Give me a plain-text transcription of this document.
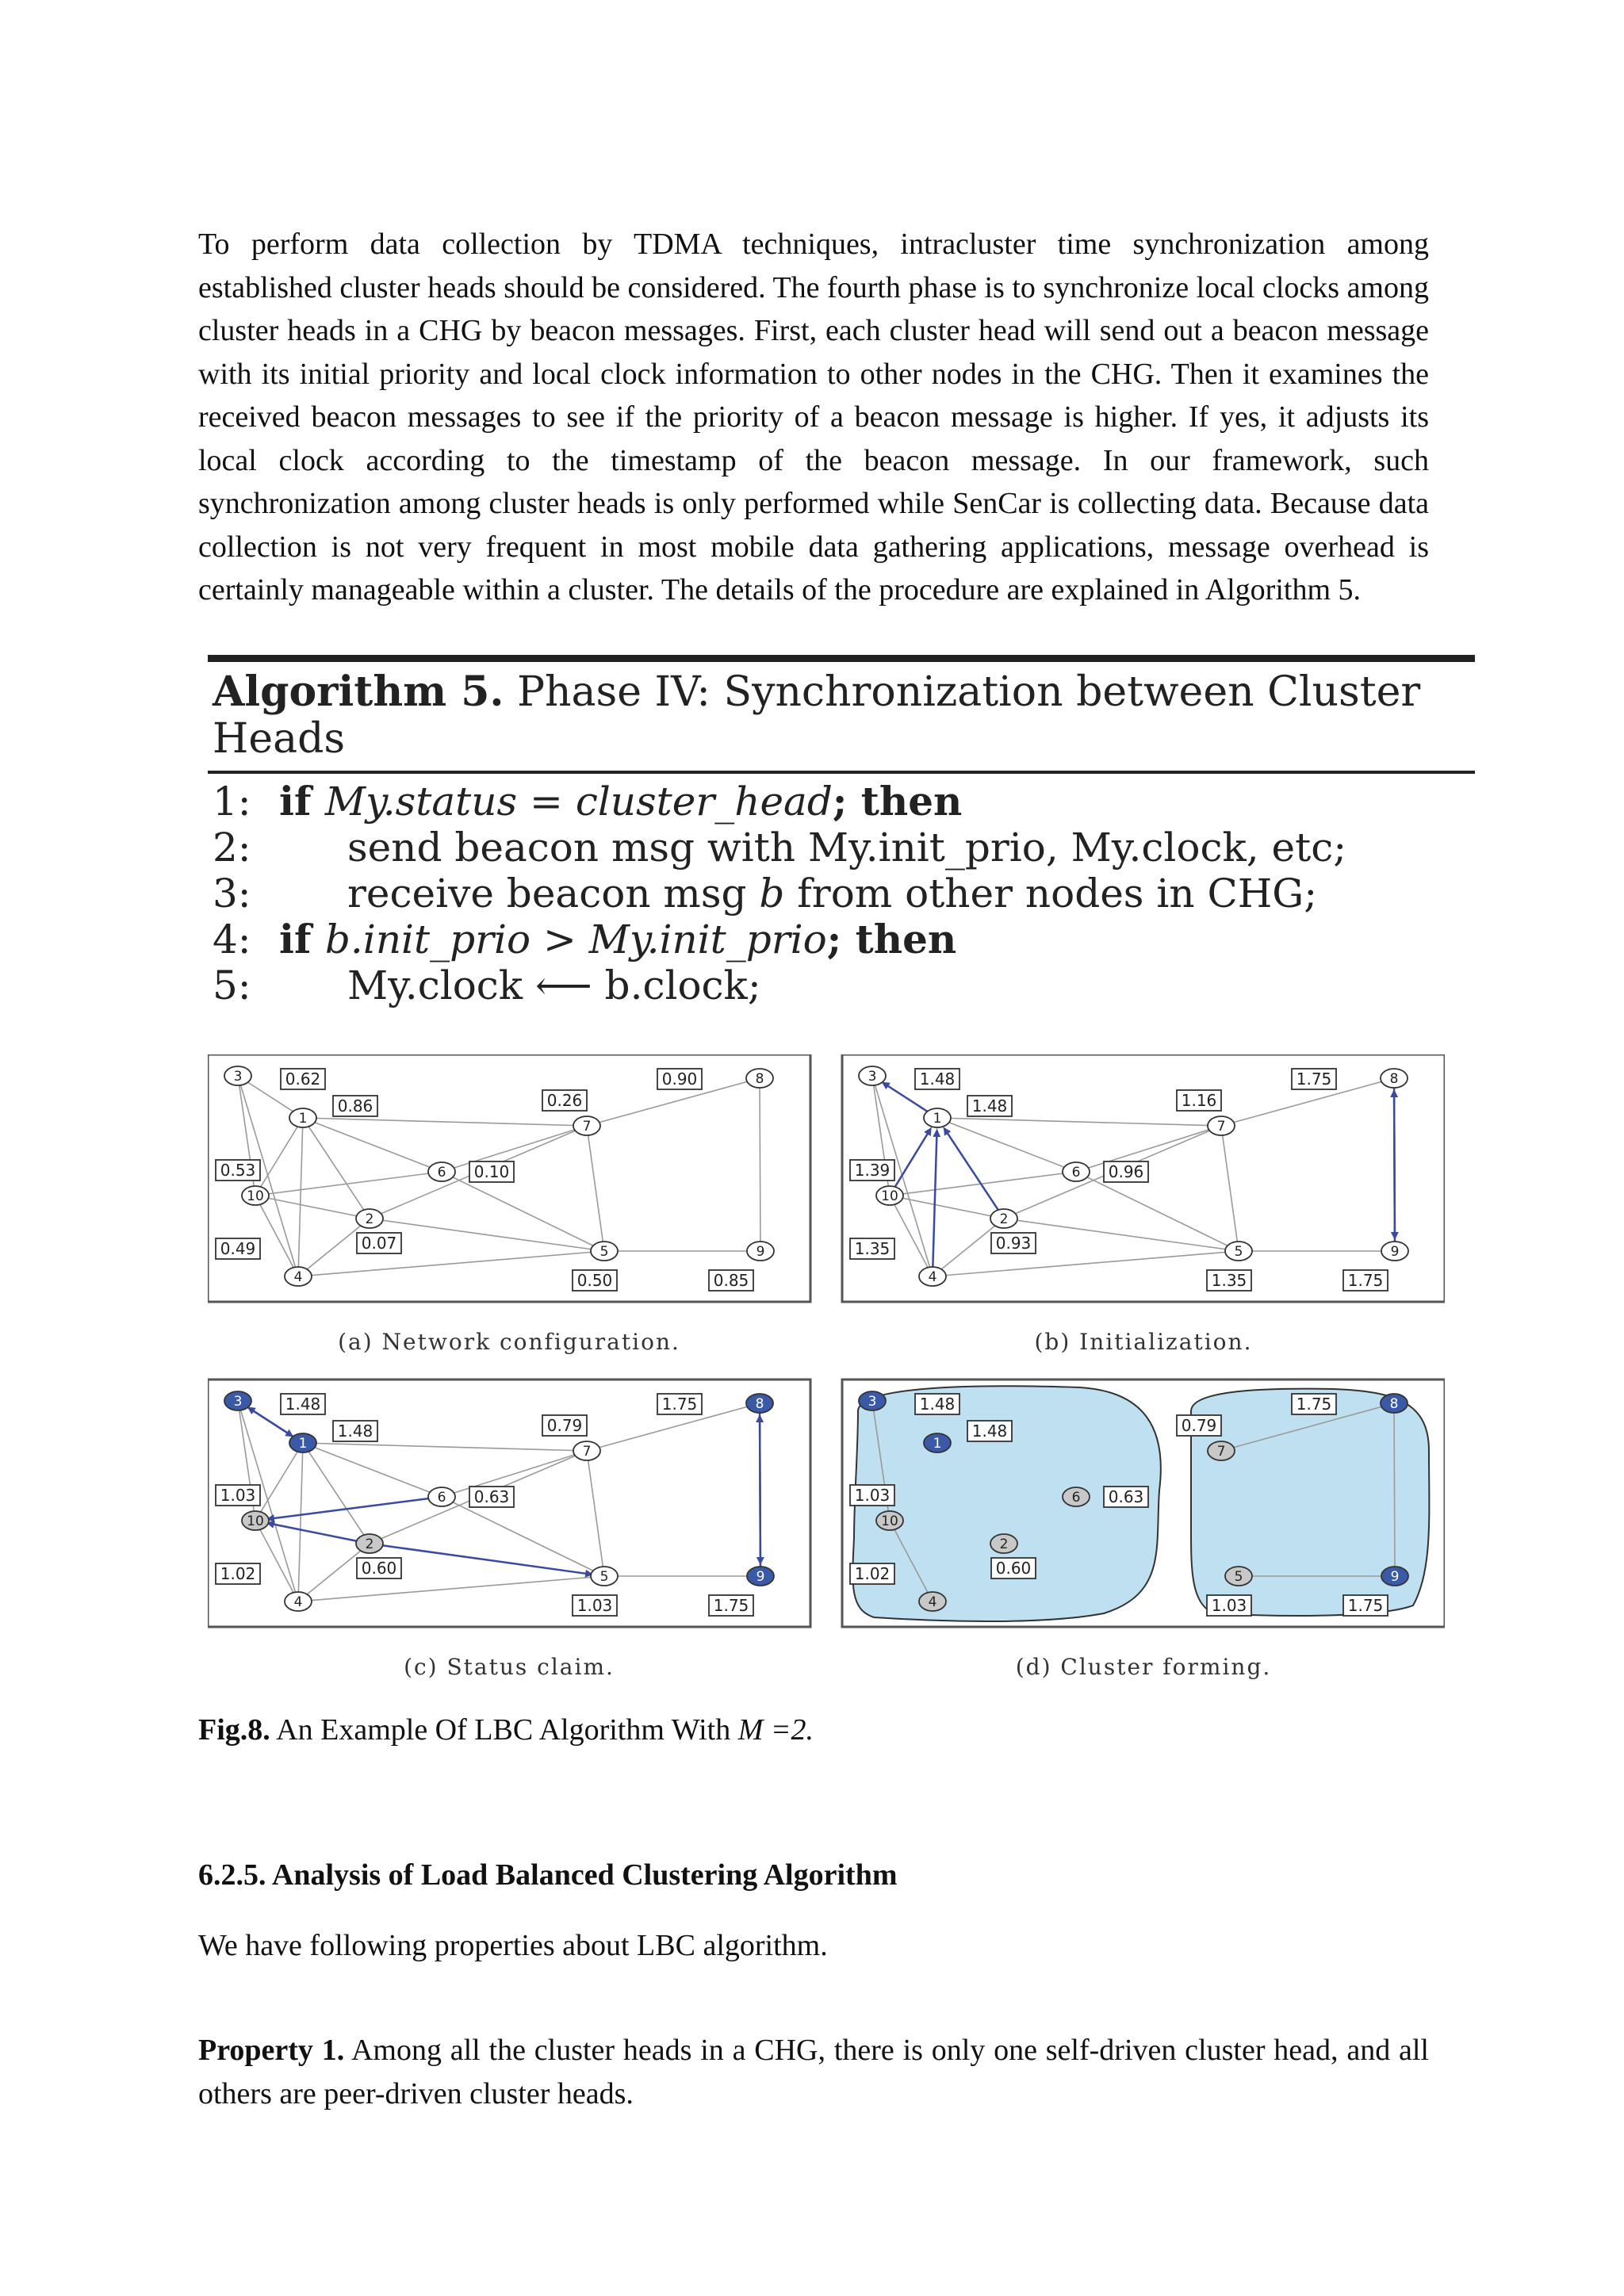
To perform data collection by TDMA techniques, intracluster time synchronization among established cluster heads should be considered. The fourth phase is to synchronize local clocks among cluster heads in a CHG by beacon messages. First, each cluster head will send out a beacon message with its initial priority and local clock information to other nodes in the CHG. Then it examines the received beacon messages to see if the priority of a beacon message is higher. If yes, it adjusts its local clock according to the timestamp of the beacon message. In our framework, such synchronization among cluster heads is only performed while SenCar is collecting data. Because data collection is not very frequent in most mobile data gathering applications, message overhead is certainly manageable within a cluster. The details of the procedure are explained in Algorithm 5.

Algorithm 5. Phase IV: Synchronization between Cluster Heads
1: if My.status = cluster_head; then
2: send beacon msg with My.init_prio, My.clock, etc;
3: receive beacon msg b from other nodes in CHG;
4: if b.init_prio > My.init_prio; then
5: My.clock ⟵ b.clock;
0.62
0.86	0.26
0.90
0.53	0.10
0.49	0.07
0.50	0.85
1
2
3
4
5
6
7
8
9
10
(a) Network configuration.
1.48
1.48	1.16
1.75
1.39	0.96
1.35	0.93
1.35	1.75
1
2
3
4
5
6
7
8
9
10
(b) Initialization.
1.48
1.48	0.79
1.75
1.03	0.63
1.02	0.60
1.03	1.75
1
2
3
4
5
6
7
8
9
10
(c) Status claim.
1.48
1.48	0.79
1.75
1.03	0.63
1.02	0.60
1.03	1.75
1
2
3
4
5
6
7
8
9
10
(d) Cluster forming.
Fig.8. An Example Of LBC Algorithm With M =2.
6.2.5. Analysis of Load Balanced Clustering Algorithm
We have following properties about LBC algorithm.

Property 1. Among all the cluster heads in a CHG, there is only one self-driven cluster head, and all others are peer-driven cluster heads.
